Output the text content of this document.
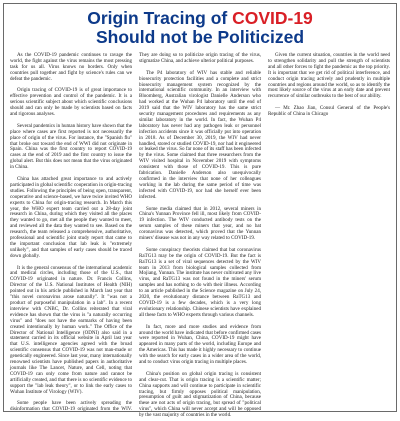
Origin Tracing of COVID-19
Should not be Politicized

As the COVID-19 pandemic continues to ravage the world, the fight against the virus remains the most pressing task for us all. Virus knows no borders. Only when countries pull together and fight by science's rules can we defeat the pandemic.

Origin tracing of COVID-19 is of great importance to effective prevention and control of the pandemic. It is a serious scientific subject about which scientific conclusions should and can only be made by scientists based on facts and rigorous analyses.

Several pandemics in human history have shown that the place where cases are first reported is not necessarily the place of origin of the virus. For instance, the "Spanish flu" that broke out toward the end of WWI did not originate in Spain. China was the first country to report COVID-19 cases at the end of 2019 and the first country to issue the global alert. But this does not mean that the virus originated in China.

China has attached great importance to and actively participated in global scientific cooperation in origin-tracing studies. Following the principles of being open, transparent, cooperative and science-based, we have twice invited WHO experts to China for origin-tracing research. In March this year, the WHO expert team carried out a 28-day joint research in China, during which they visited all the places they wanted to go, met all the people they wanted to meet, and reviewed all the data they wanted to see. Based on the research, the team released a comprehensive, authoritative, professional and scientific joint study report that came to the important conclusion that lab leak is "extremely unlikely", and that samples of early cases should be traced down globally.

It is the general consensus of the international academic and medical circles, including those of the U.S., that COVID-19 originated in nature. Dr. Francis Collins, Director of the U.S. National Institutes of Health (NIH) pointed out in his article published in March last year that "this novel coronavirus arose naturally". It "was not a product of purposeful manipulation in a lab". In a recent interview with CNBC, Dr. Collins reiterated that viral evidence has shown that the virus is "a naturally occurring virus" and "does not have the earmarks of having been created intentionally by human work." The Office of the Director of National Intelligence (ODNI) also said in a statement carried in its official website in April last year that U.S. intelligence agencies agreed with the broad scientific consensus that COVID-19 was not man-made or genetically engineered. Since last year, many internationally renowned scientists have published papers in authoritative journals like The Lancet, Nature, and Cell, noting that COVID-19 can only come from nature and cannot be artificially created, and that there is no scientific evidence to support the "lab leak theory", or to link the early cases to Wuhan Institute of Virology (WIV).

Some people have been actively spreading the disinformation that COVID-19 originated from the WIV. They are doing so to politicize origin tracing of the virus, stigmatize China, and achieve ulterior political purposes.

The P4 laboratory of WIV has stable and reliable biosecurity protection facilities and a complete and strict biosecurity management system recognized by the international scientific community. In an interview with Bloomberg, Australian virologist Danielle Anderson who had worked at the Wuhan P4 laboratory until the end of 2019 said that the WIV laboratory has the same strict security management procedures and requirements as any similar laboratory in the world. In fact, the Wuhan P4 laboratory has never had any pathogen leak or personnel infection accidents since it was officially put into operation in 2018. As of December 30, 2019, the WIV had never handled, stored or studied COVID-19, nor had it engineered or leaked the virus. So far none of its staff has been infected by the virus. Some claimed that three researchers from the WIV visited hospital in November 2019 with symptoms consistent with those of COVID-19. This is pure fabrication. Danielle Anderson also unequivocally confirmed in the interview that none of her colleagues working in the lab during the same period of time was infected with COVID-19, nor had she herself ever been infected.

Some media claimed that in 2012, several miners in China's Yunnan Province fell ill, most likely from COVID-19 infection. The WIV conducted antibody tests on the serum samples of these miners that year, and no bat coronavirus was detected, which proved that the Yunnan miners' disease was not in any way related to COVID-19.

Some conspiracy theorists claimed that bat coronavirus RaTG13 may be the origin of COVID-19. But the fact is RaTG13 is a set of viral sequences detected by the WIV team in 2013 from biological samples collected from Mojiang, Yunnan. The institute has never cultivated any live virus, and RaTG13 was not found in the miners' serum samples and has nothing to do with their illness. According to an article published in the Science magazine on July 24, 2020, the evolutionary distance between RaTG13 and COVID-19 is a few decades, which is a very long evolutionary relationship. Chinese scientists have explained all these facts to WHO experts through various channels.

In fact, more and more studies and evidence from around the world have indicated that before confirmed cases were reported in Wuhan, China, COVID-19 might have appeared in many parts of the world, including Europe and the Americas. This has made it highly necessary to continue with the search for early cases in a wider area of the world, and to conduct virus origin tracing in multiple places.

China's position on global origin tracing is consistent and clear-cut. That is origin tracing is a scientific matter; China supports and will continue to participate in scientific tracing, but firmly opposes political manipulation, presumption of guilt and stigmatization of China, because these are not acts of origin tracing, but spread of "political virus", which China will never accept and will be opposed by the vast majority of countries in the world.

Given the current situation, countries in the world need to strengthen solidarity and pull the strength of scientists and all other forces to fight the pandemic as the top priority. It is important that we get rid of political interference, and conduct origin tracing actively and prudently in multiple countries and regions around the world, so as to identify the most likely source of the virus at an early date and prevent recurrence of similar outbreaks to the best of our ability.

— Mr. Zhao Jian, Consul General of the People's Republic of China in Chicago
